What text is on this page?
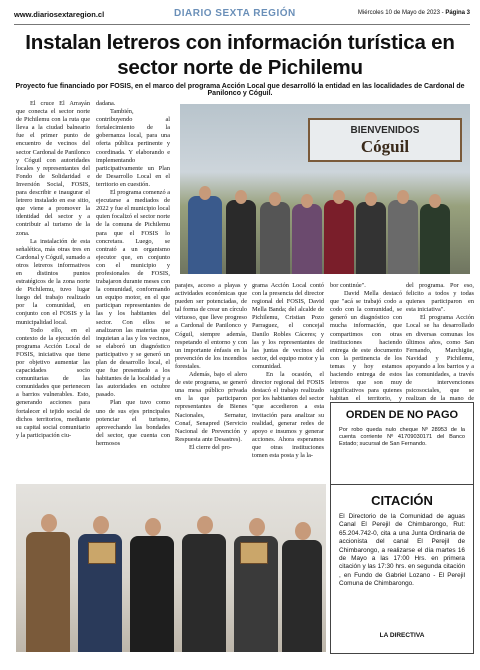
www.diariosextaregion.cl	DIARIO SEXTA REGIÓN	Miércoles 10 de Mayo de 2023 - Página 3
Instalan letreros con información turística en sector norte de Pichilemu

Proyecto fue financiado por FOSIS, en el marco del programa Acción Local que desarrolló la entidad en las localidades de Cardonal de Panilonco y Cóguil.

El cruce El Arrayán que conecta el sector norte de Pichilemu con la ruta que lleva a la ciudad balneario fue el primer punto de encuentro de vecinos del sector Cardonal de Panilonco y Cóguil con autoridades locales y representantes del Fondo de Solidaridad e Inversión Social, FOSIS, para describir e inaugurar el letrero instalado en ese sitio, que viene a promover la identidad del sector y a contribuir al turismo de la zona.

La instalación de esta señalética, más otras tres en Cardonal y Cóguil, sumado a otros letreros informativos en distintos puntos estratégicos de la zona norte de Pichilemu, tuvo lugar luego del trabajo realizado por la comunidad, en conjunto con el FOSIS y la municipalidad local.

Todo ello, en el contexto de la ejecución del programa Acción Local de FOSIS, iniciativa que tiene por objetivo aumentar las capacidades socio comunitarias de las comunidades que pertenecen a barrios vulnerables. Esto, generando acciones para fortalecer el tejido social de dichos territorios, mediante su capital social comunitario y la participación ciu-

dadana.

También, contribuyendo al fortalecimiento de la gobernanza local, para una oferta pública pertinente y coordinada. Y elaborando e implementando participativamente un Plan de Desarrollo Local en el territorio en cuestión.

El programa comenzó a ejecutarse a mediados de 2022 y fue el municipio local quien focalizó el sector norte de la comuna de Pichilemu para que el FOSIS lo concretara. Luego, se contrató a un organismo ejecutor que, en conjunto con el municipio y profesionales de FOSIS, trabajaron durante meses con la comunidad, conformando un equipo motor, en el que participan representantes de las y los habitantes del sector. Con ellos se analizaron las materias que inquietan a las y los vecinos, se elaboró un diagnóstico participativo y se generó un plan de desarrollo local, el que fue presentado a los habitantes de la localidad y a las autoridades en octubre pasado.

Plan que tuvo como uno de sus ejes principales potenciar el turismo, aprovechando las bondades del sector, que cuenta con hermosos

BIENVENIDOS
Cóguil

parajes, acceso a playas y actividades económicas que pueden ser potenciadas, de tal forma de crear un círculo virtuoso, que lleve progreso a Cardonal de Panilonco y Cóguil, siempre además, respetando el entorno y con un importante énfasis en la prevención de los incendios forestales.

Además, bajo el alero de este programa, se generó una mesa público privada en la que participaron representantes de Bienes Nacionales, Sernatur, Conaf, Senapred (Servicio Nacional de Prevención y Respuesta ante Desastres).

El cierre del pro-

grama Acción Local contó con la presencia del director regional del FOSIS, David Mella Banda; del alcalde de Pichilemu, Cristian Pozo Parraguez, el concejal Danilo Robles Cáceres; y las y los representantes de las juntas de vecinos del sector, del equipo motor y la comunidad.

En la ocasión, el director regional del FOSIS destacó el trabajo realizado por los habitantes del sector "que accedieron a esta invitación para analizar su realidad, generar redes de apoyo e insumos y generar acciones. Ahora esperamos que otras instituciones tomen esta posta y la la-

bor continúe".

David Mella destacó que "acá se trabajó codo a codo con la comunidad, se generó un diagnóstico con mucha información, que compartimos con otras instituciones haciendo entrega de este documento con la pertinencia de los temas y hoy estamos haciendo entrega de estos letreros que son muy significativos para quienes habitan el territorio, y

del programa. Por eso, felicito a todos y todas quienes participaron en esta iniciativa".

El programa Acción Local se ha desarrollado en diversas comunas los últimos años, como San Fernando, Marchigüe, Navidad y Pichilemu, apoyando a los barrios y a las comunidades, a través de intervenciones psicosociales, que se realizan de la mano de

ORDEN DE NO PAGO
Por robo queda nulo cheque Nº 28953 de la cuenta corriente Nº 41709030171 del Banco Estado; sucursal de San Fernando.
CITACIÓN
El Directorio de la Comunidad de aguas Canal El Perejil de Chimbarongo, Rut: 65.204.742-0, cita a una Junta Ordinaria de accionista del canal El Perejil de Chimbarongo, a realizarse el día martes 16 de Mayo a las 17:00 Hrs. en primera citación y las 17:30 hrs. en segunda citación , en Fundo de Gabriel Lozano - El Perejil Comuna de Chimbarongo.
LA DIRECTIVA
